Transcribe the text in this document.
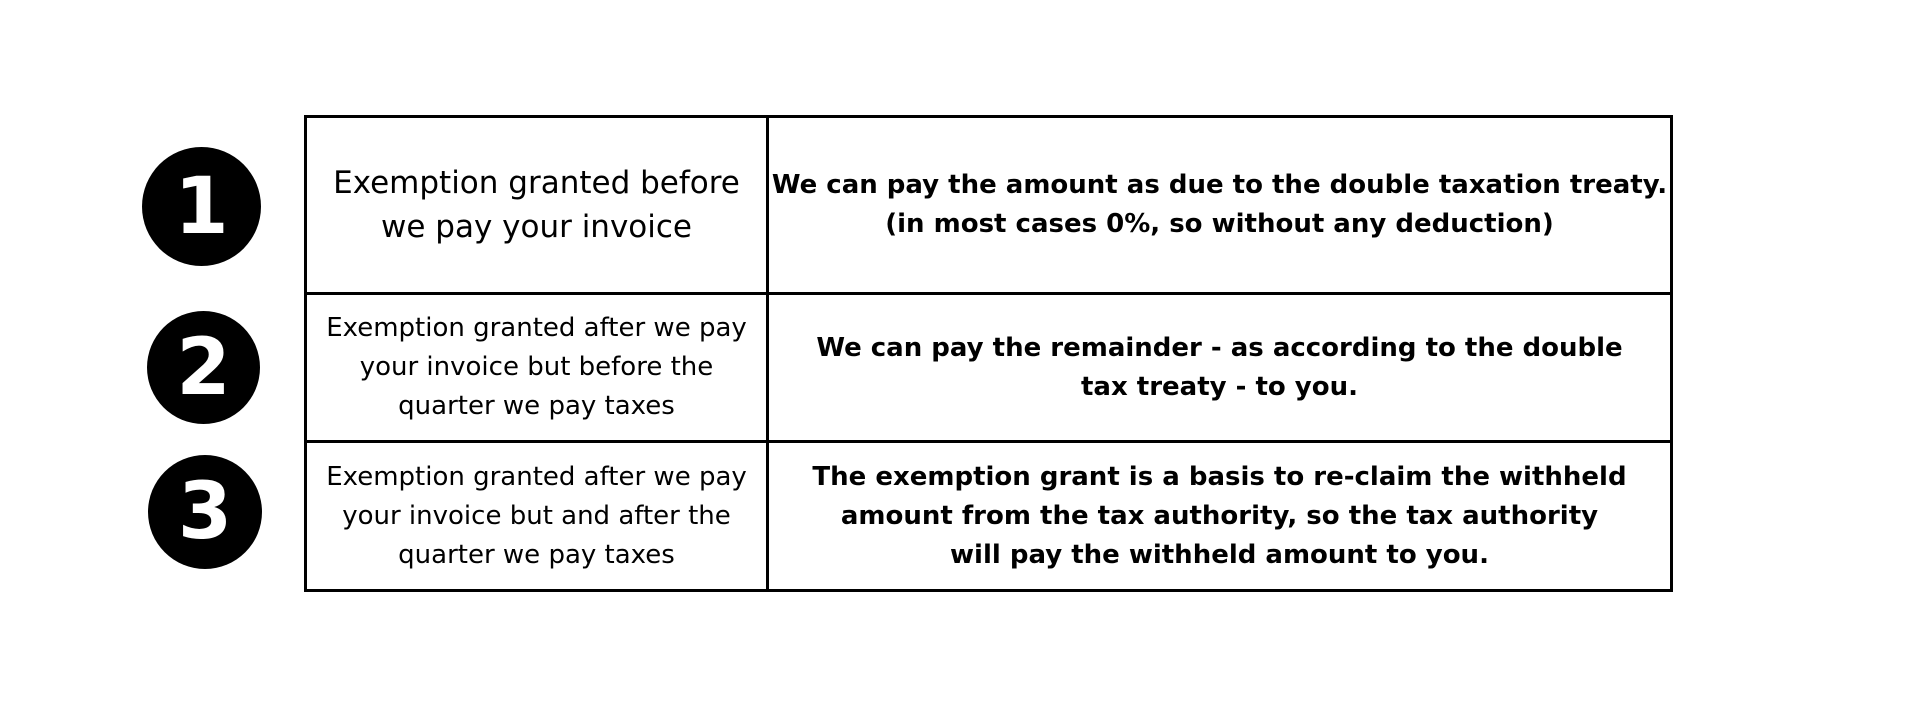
1
2
3
Exemption granted before
we pay your invoice
We can pay the amount as due to the double taxation treaty.
(in most cases 0%, so without any deduction)
Exemption granted after we pay
your invoice but before the
quarter we pay taxes
We can pay the remainder - as according to the double
tax treaty - to you.
Exemption granted after we pay
your invoice but and after the
quarter we pay taxes
The exemption grant is a basis to re-claim the withheld
amount from the tax authority, so the tax authority
will pay the withheld amount to you.
